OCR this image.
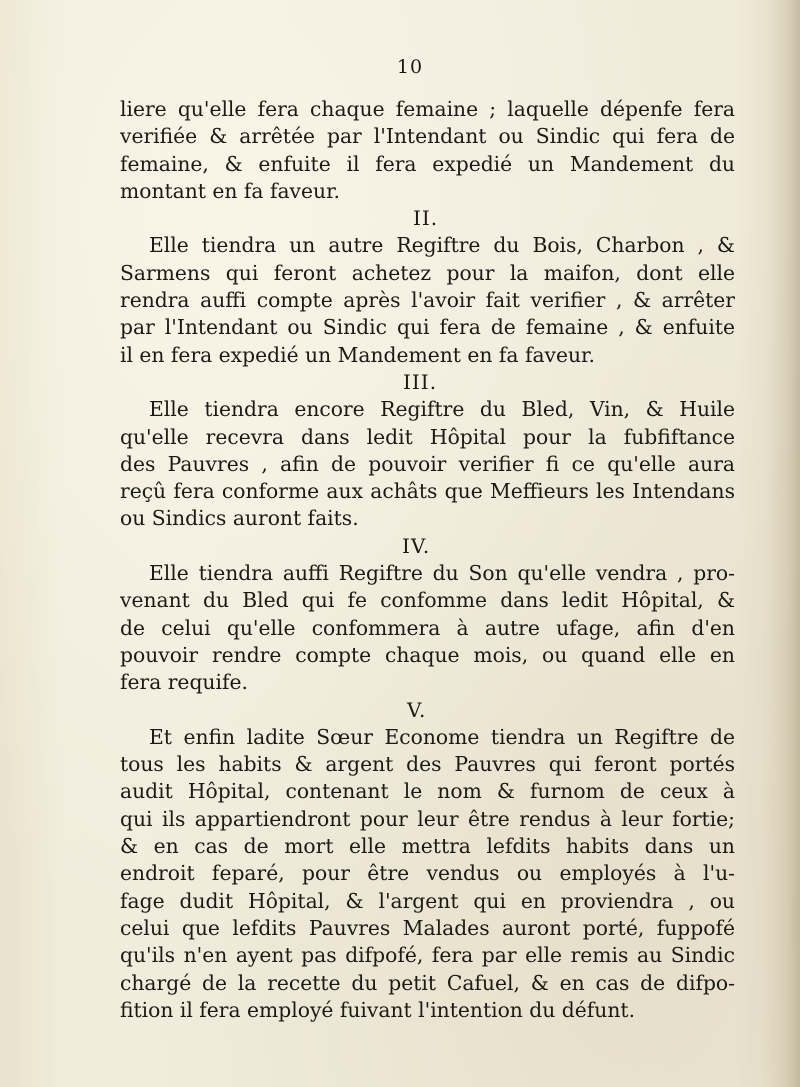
10
liere qu'elle fera chaque femaine ; laquelle dépenfe fera
verifiée & arrêtée par l'Intendant ou Sindic qui fera de
femaine, & enfuite il fera expedié un Mandement du
montant en fa faveur.
II.
Elle tiendra un autre Regiftre du Bois, Charbon , &
Sarmens qui feront achetez pour la maifon, dont elle
rendra auffi compte après l'avoir fait verifier , & arrêter
par l'Intendant ou Sindic qui fera de femaine , & enfuite
il en fera expedié un Mandement en fa faveur.
III.
Elle tiendra encore Regiftre du Bled, Vin, & Huile
qu'elle recevra dans ledit Hôpital pour la fubfiftance
des Pauvres , afin de pouvoir verifier fi ce qu'elle aura
reçû fera conforme aux achâts que Meffieurs les Intendans
ou Sindics auront faits.
IV.
Elle tiendra auffi Regiftre du Son qu'elle vendra , pro-
venant du Bled qui fe confomme dans ledit Hôpital, &
de celui qu'elle confommera à autre ufage, afin d'en
pouvoir rendre compte chaque mois, ou quand elle en
fera requife.
V.
Et enfin ladite Sœur Econome tiendra un Regiftre de
tous les habits & argent des Pauvres qui feront portés
audit Hôpital, contenant le nom & furnom de ceux à
qui ils appartiendront pour leur être rendus à leur fortie;
& en cas de mort elle mettra lefdits habits dans un
endroit feparé, pour être vendus ou employés à l'u-
fage dudit Hôpital, & l'argent qui en proviendra , ou
celui que lefdits Pauvres Malades auront porté, fuppofé
qu'ils n'en ayent pas difpofé, fera par elle remis au Sindic
chargé de la recette du petit Cafuel, & en cas de difpo-
fition il fera employé fuivant l'intention du défunt.
